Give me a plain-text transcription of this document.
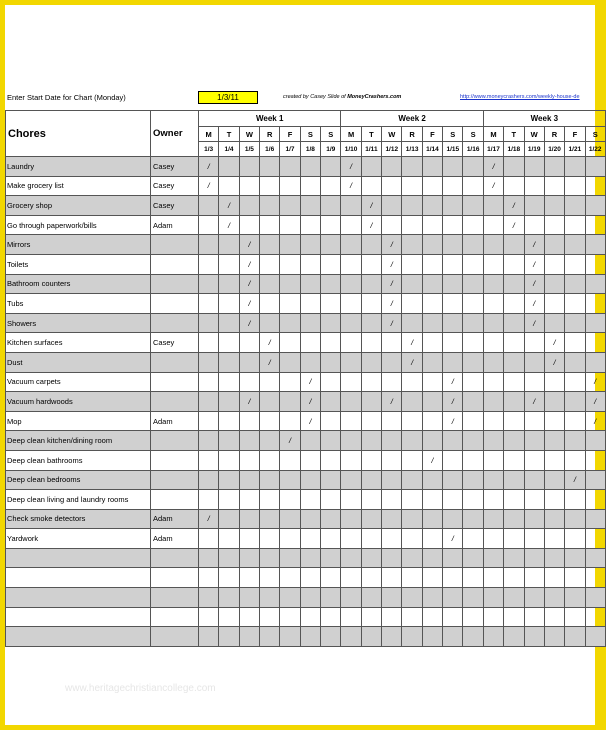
Enter Start Date for Chart (Monday)	1/3/11	created by Casey Slide of MoneyCrashers.com	http://www.moneycrashers.com/weekly-house-de
Chores	Owner	Week 1							Week 2							Week 3					
		M	T	W	R	F	S	S	M	T	W	R	F	S	S	M	T	W	R	F	S
		1/3	1/4	1/5	1/6	1/7	1/8	1/9	1/10	1/11	1/12	1/13	1/14	1/15	1/16	1/17	1/18	1/19	1/20	1/21	1/22
Laundry	Casey	/							/							/					
Make grocery list	Casey	/							/							/					
Grocery shop	Casey		/							/							/				
Go through paperwork/bills	Adam		/							/							/				
Mirrors				/							/							/			
Toilets				/							/							/			
Bathroom counters				/							/							/			
Tubs				/							/							/			
Showers				/							/							/			
Kitchen surfaces	Casey				/							/							/		
Dust					/							/							/		
Vacuum carpets							/							/							/
Vacuum hardwoods				/			/				/			/				/			/
Mop	Adam						/							/							/
Deep clean kitchen/dining room						/															
Deep clean bathrooms													/								
Deep clean bedrooms																				/	
Deep clean living and laundry rooms																					
Check smoke detectors	Adam	/																			
Yardwork	Adam													/							

www.heritagechristiancollege.com
